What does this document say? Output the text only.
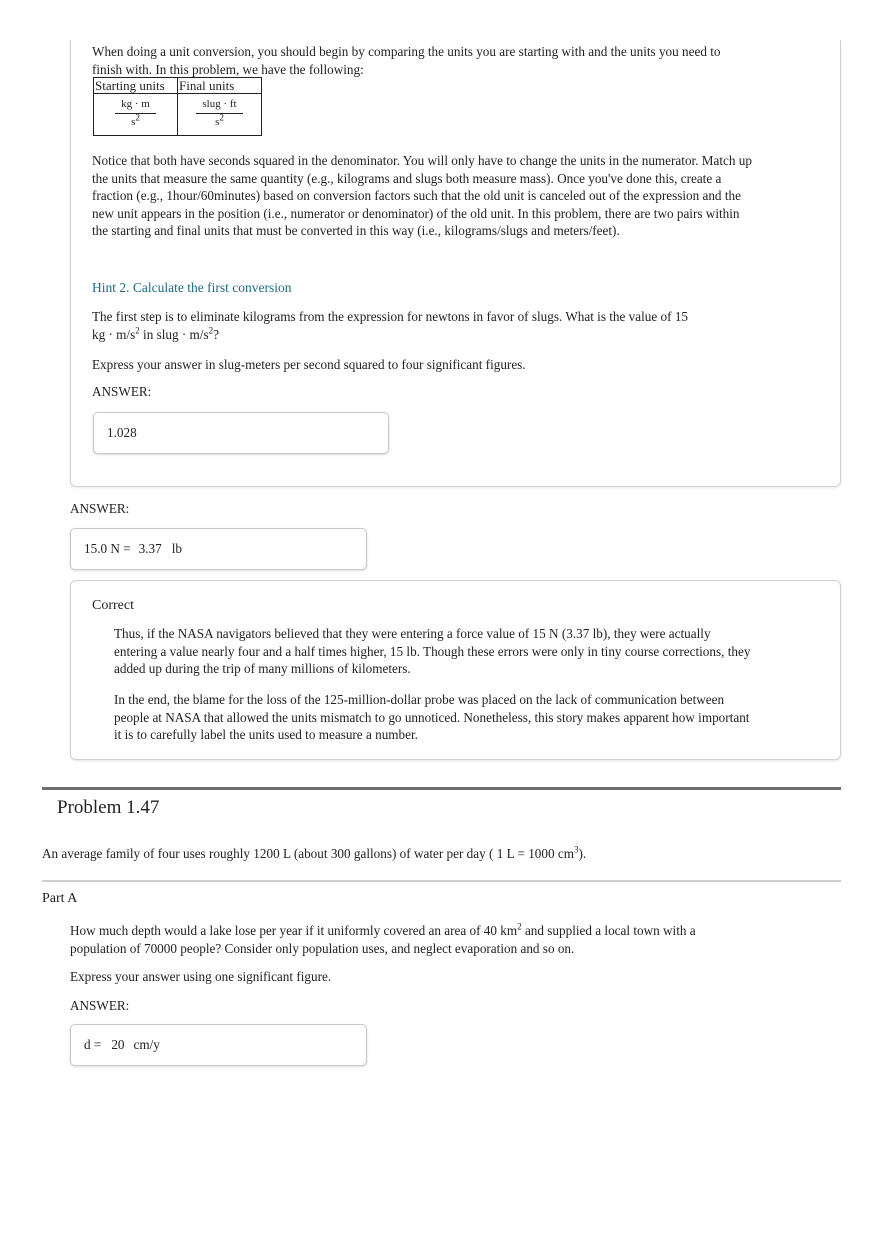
When doing a unit conversion, you should begin by comparing the units you are starting with and the units you need to finish with. In this problem, we have the following:

Starting units	Final units

$\frac{kg \cdot m}{s^2}$	$\frac{\text{slug · ft}}{s^2}$

Notice that both have seconds squared in the denominator. You will only have to change the units in the numerator. Match up the units that measure the same quantity (e.g., kilograms and slugs both measure mass). Once you've done this, create a fraction (e.g., 1hour/60minutes) based on conversion factors such that the old unit is canceled out of the expression and the new unit appears in the position (i.e., numerator or denominator) of the old unit. In this problem, there are two pairs within the starting and final units that must be converted in this way (i.e., kilograms/slugs and meters/feet).

Hint 2. Calculate the first conversion

The first step is to eliminate kilograms from the expression for newtons in favor of slugs. What is the value of 15
kg · $m/s^2$ in slug · $m/s^2$?

Express your answer in slug-meters per second squared to four significant figures.

ANSWER:

1.028

ANSWER:

15.0 N = 3.37 lb

Correct

Thus, if the NASA navigators believed that they were entering a force value of 15 N (3.37 lb), they were actually entering a value nearly four and a half times higher, 15 lb. Though these errors were only in tiny course corrections, they added up during the trip of many millions of kilometers.

In the end, the blame for the loss of the 125-million-dollar probe was placed on the lack of communication between people at NASA that allowed the units mismatch to go unnoticed. Nonetheless, this story makes apparent how important it is to carefully label the units used to measure a number.

Problem 1.47

An average family of four uses roughly 1200 L (about 300 gallons) of water per day ( 1 L = 1000 $cm^3$).

Part A

How much depth would a lake lose per year if it uniformly covered an area of 40 $km^2$ and supplied a local town with a population of 70000 people? Consider only population uses, and neglect evaporation and so on.

Express your answer using one significant figure.

ANSWER:

d = 20 cm/y
